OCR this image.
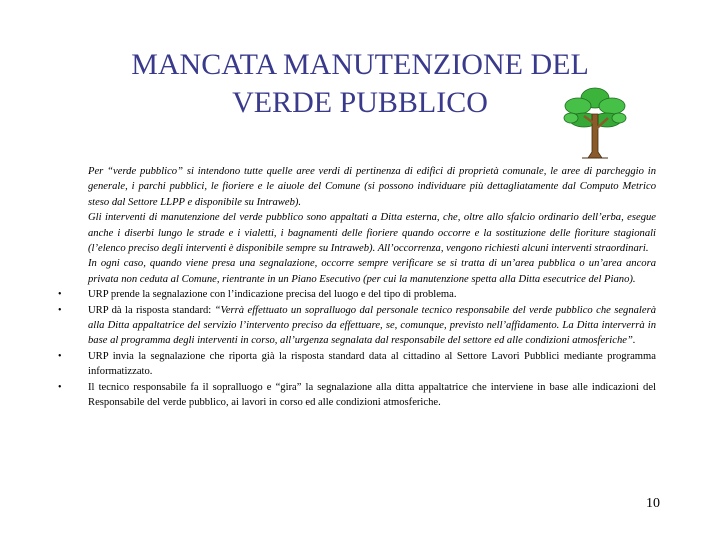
MANCATA MANUTENZIONE DEL
VERDE PUBBLICO

Per “verde pubblico” si intendono tutte quelle aree verdi di pertinenza di edifici di proprietà comunale, le aree di parcheggio in generale, i parchi pubblici, le fioriere e le aiuole del Comune (si possono individuare più dettagliatamente dal Computo Metrico steso dal Settore LLPP e disponibile su Intraweb).

Gli interventi di manutenzione del verde pubblico sono appaltati a Ditta esterna, che, oltre allo sfalcio ordinario dell’erba, esegue anche i diserbi lungo le strade e i vialetti, i bagnamenti delle fioriere quando occorre e la sostituzione delle fioriture stagionali (l’elenco preciso degli interventi è disponibile sempre su Intraweb). All’occorrenza, vengono richiesti alcuni interventi straordinari.

In ogni caso, quando viene presa una segnalazione, occorre sempre verificare se si tratta di un’area pubblica o un’area ancora privata non ceduta al Comune, rientrante in un Piano Esecutivo (per cui la manutenzione spetta alla Ditta esecutrice del Piano).

• URP prende la segnalazione con l’indicazione precisa del luogo e del tipo di problema.

• URP dà la risposta standard: “Verrà effettuato un sopralluogo dal personale tecnico responsabile del verde pubblico che segnalerà alla Ditta appaltatrice del servizio l’intervento preciso da effettuare, se, comunque, previsto nell’affidamento. La Ditta interverrà in base al programma degli interventi in corso, all’urgenza segnalata dal responsabile del settore ed alle condizioni atmosferiche”.

• URP invia la segnalazione che riporta già la risposta standard data al cittadino al Settore Lavori Pubblici mediante programma informatizzato.

• Il tecnico responsabile fa il sopralluogo e “gira” la segnalazione alla ditta appaltatrice che interviene in base alle indicazioni del Responsabile del verde pubblico, ai lavori in corso ed alle condizioni atmosferiche.

10
